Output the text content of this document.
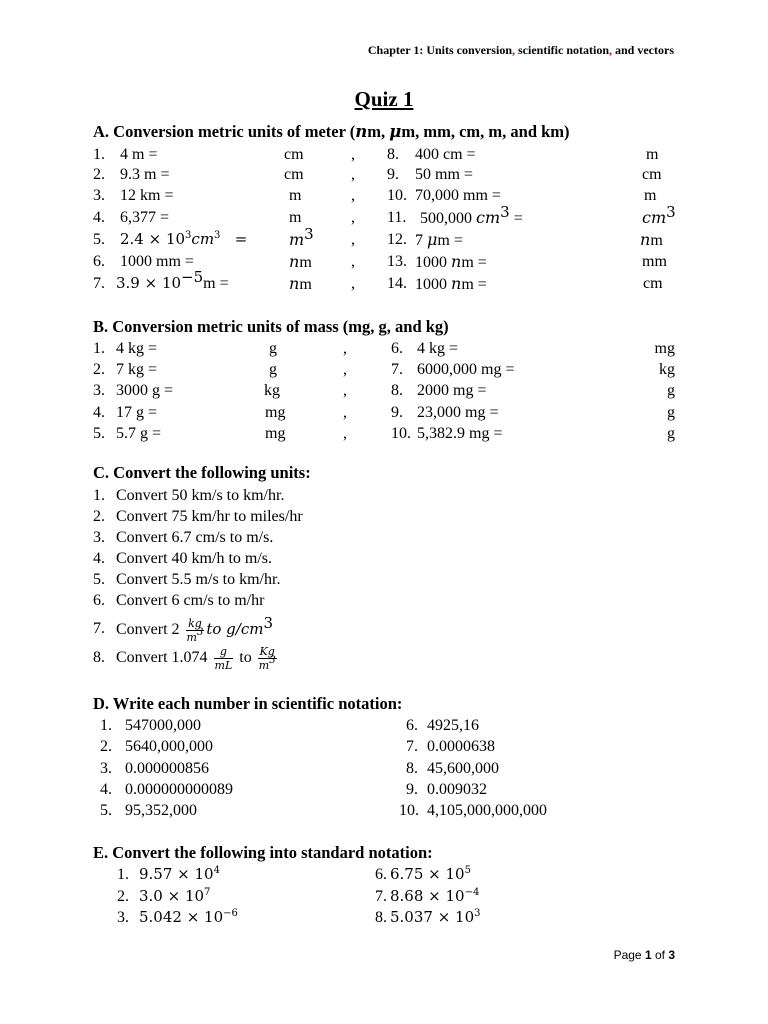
Chapter 1: Units conversion, scientific notation, and vectors
Quiz 1
A. Conversion metric units of meter (nm, μm, mm, cm, m, and km)
1. 4 m =	cm	, 8. 400 cm =	m
2. 9.3 m =	cm	, 9. 50 mm =	cm
3. 12 km =	m	, 10. 70,000 mm =	m
4. 6,377 =	m	, 11. 500,000 $cm^3$ =	$cm^3$
5. $2.4 \times 10^3cm^3$ =	$m^3$ , 12. 7 μm =	nm
6. 1000 mm =	nm , 13. 1000 nm =	mm
7. $3.9 \times 10^{-5}m$ =	nm , 14. 1000 nm =	cm
B. Conversion metric units of mass (mg, g, and kg)
1. 4 kg =	g	,	6. 4 kg =	mg
2. 7 kg =	g	,	7. 6000,000 mg =	kg
3. 3000 g =	kg	,	8. 2000 mg =	g
4. 17 g =	mg	,	9. 23,000 mg =	g
5. 5.7 g =	mg	,	10. 5,382.9 mg =	g
C. Convert the following units:
1. Convert 50 km/s to km/hr.
2. Convert 75 km/hr to miles/hr
3. Convert 6.7 cm/s to m/s.
4. Convert 40 km/h to m/s.
5. Convert 5.5 m/s to km/hr.
6. Convert 6 cm/s to m/hr
7. Convert $2 \frac{kg}{m^3}$ to $g/cm^3$
8. Convert $1.074 \frac{g}{mL}$ to $\frac{Kg}{m^3}$
D. Write each number in scientific notation:
1. 547000,000	6. 4925,16
2. 5640,000,000	7. 0.0000638
3. 0.000000856	8. 45,600,000
4. 0.000000000089	9. 0.009032
5. 95,352,000	10. 4,105,000,000,000
E. Convert the following into standard notation:
1. $9.57 \times 10^4$	6. $6.75 \times 10^5$
2. $3.0 \times 10^7$	7. $8.68 \times 10^{-4}$
3. $5.042 \times 10^{-6}$	8. $5.037 \times 10^3$
Page 1 of 3
